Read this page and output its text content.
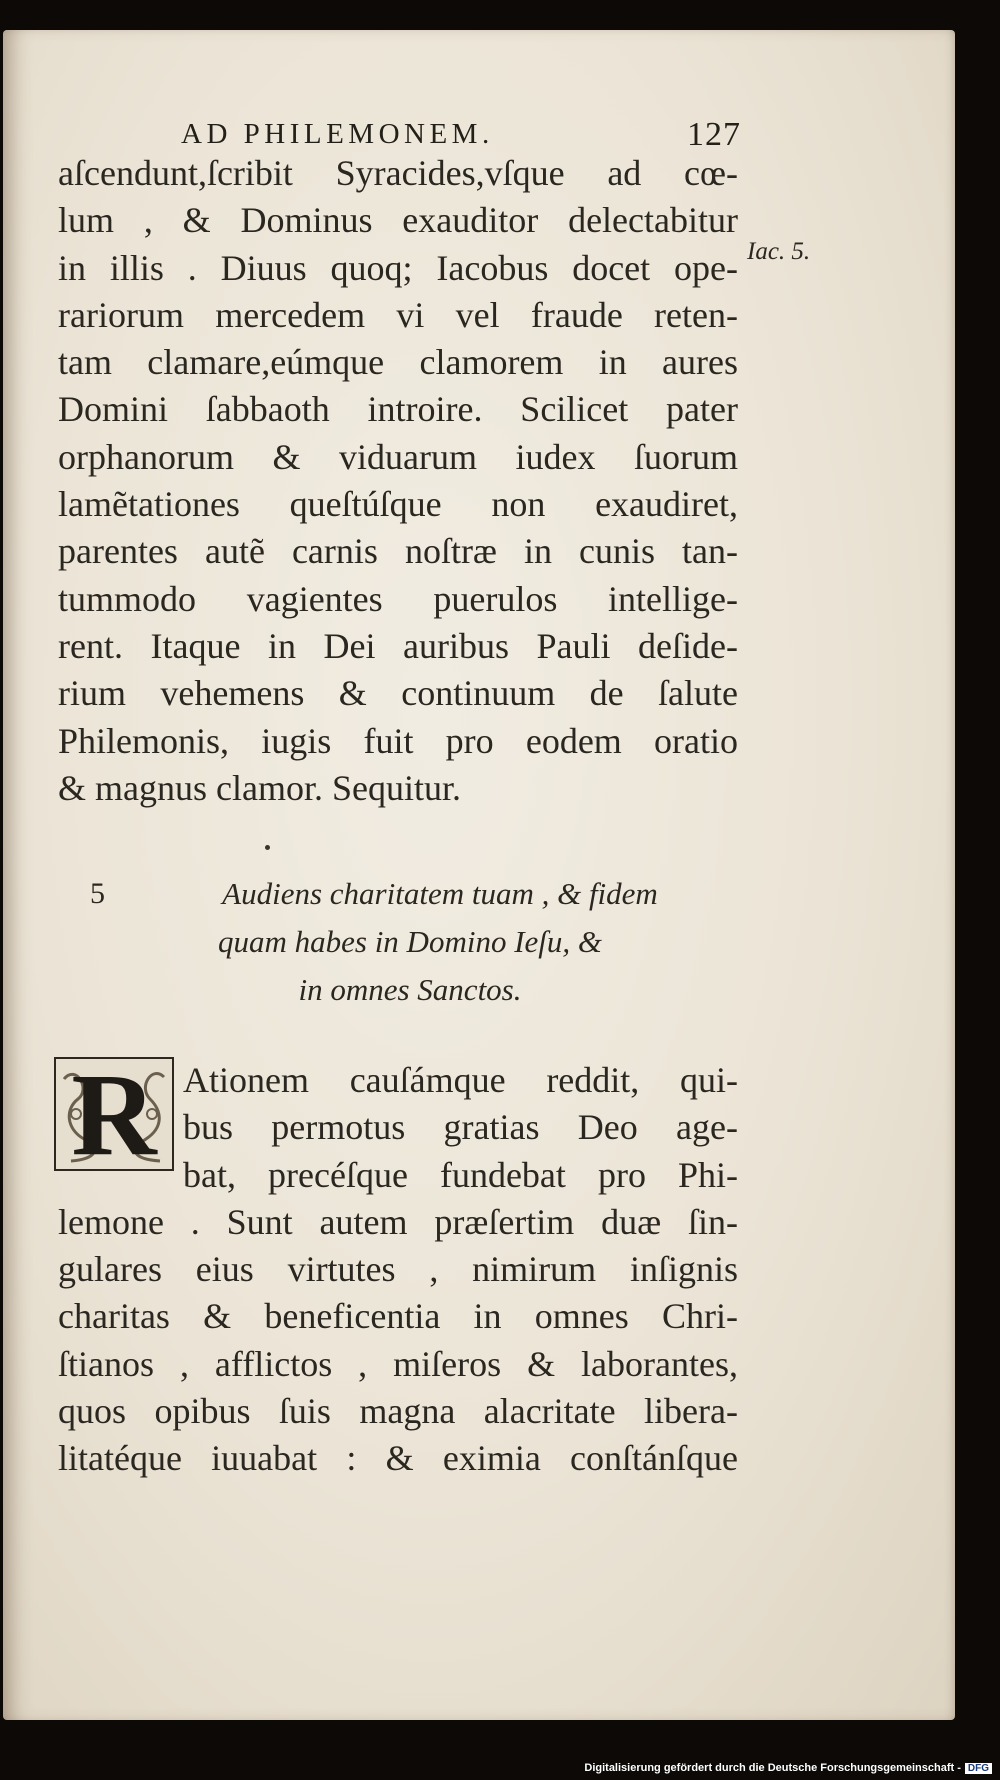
AD PHILEMONEM.	127
Iac. 5.
aſcendunt,ſcribit Syracides,vſque ad cœ-
lum , & Dominus exauditor delectabitur
in illis . Diuus quoq; Iacobus docet ope-
rariorum mercedem vi vel fraude reten-
tam clamare,eúmque clamorem in aures
Domini ſabbaoth introire. Scilicet pater
orphanorum & viduarum iudex ſuorum
lamẽtationes queſtúſque non exaudiret,
parentes autẽ carnis noſtræ in cunis tan-
tummodo vagientes puerulos intellige-
rent. Itaque in Dei auribus Pauli deſide-
rium vehemens & continuum de ſalute
Philemonis, iugis fuit pro eodem oratio
& magnus clamor. Sequitur.
5	Audiens charitatem tuam , & fidem
quam habes in Domino Ieſu, &
in omnes Sanctos.
R Ationem cauſámque reddit, qui-
bus permotus gratias Deo age-
bat, precéſque fundebat pro Phi-
lemone . Sunt autem præſertim duæ ſin-
gulares eius virtutes , nimirum inſignis
charitas & beneficentia in omnes Chri-
ſtianos , afflictos , miſeros & laborantes,
quos opibus ſuis magna alacritate libera-
litatéque iuuabat : & eximia conſtánſque
Digitalisierung gefördert durch die Deutsche Forschungsgemeinschaft - DFG
